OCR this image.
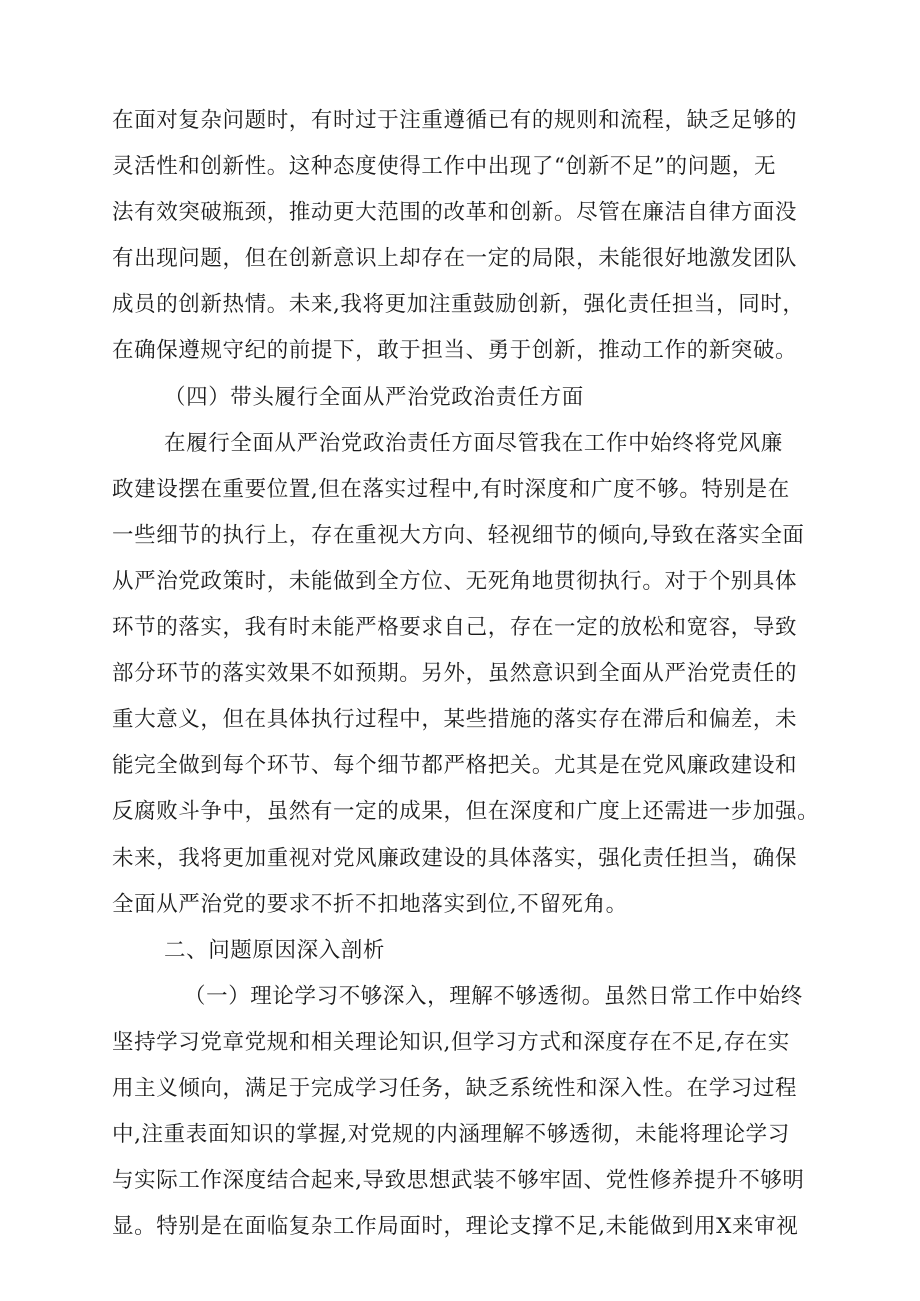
在面对复杂问题时，有时过于注重遵循已有的规则和流程，缺乏足够的
灵活性和创新性。这种态度使得工作中出现了“创新不足”的问题，无
法有效突破瓶颈，推动更大范围的改革和创新。尽管在廉洁自律方面没
有出现问题，但在创新意识上却存在一定的局限，未能很好地激发团队
成员的创新热情。未来,我将更加注重鼓励创新，强化责任担当，同时，
在确保遵规守纪的前提下，敢于担当、勇于创新，推动工作的新突破。
（四）带头履行全面从严治党政治责任方面
在履行全面从严治党政治责任方面尽管我在工作中始终将党风廉
政建设摆在重要位置,但在落实过程中,有时深度和广度不够。特别是在
一些细节的执行上，存在重视大方向、轻视细节的倾向,导致在落实全面
从严治党政策时，未能做到全方位、无死角地贯彻执行。对于个别具体
环节的落实，我有时未能严格要求自己，存在一定的放松和宽容，导致
部分环节的落实效果不如预期。另外，虽然意识到全面从严治党责任的
重大意义，但在具体执行过程中，某些措施的落实存在滞后和偏差，未
能完全做到每个环节、每个细节都严格把关。尤其是在党风廉政建设和
反腐败斗争中，虽然有一定的成果，但在深度和广度上还需进一步加强。
未来，我将更加重视对党风廉政建设的具体落实，强化责任担当，确保
全面从严治党的要求不折不扣地落实到位,不留死角。
二、问题原因深入剖析
（一）理论学习不够深入，理解不够透彻。虽然日常工作中始终
坚持学习党章党规和相关理论知识,但学习方式和深度存在不足,存在实
用主义倾向，满足于完成学习任务，缺乏系统性和深入性。在学习过程
中,注重表面知识的掌握,对党规的内涵理解不够透彻，未能将理论学习
与实际工作深度结合起来,导致思想武装不够牢固、党性修养提升不够明
显。特别是在面临复杂工作局面时，理论支撑不足,未能做到用X来审视
